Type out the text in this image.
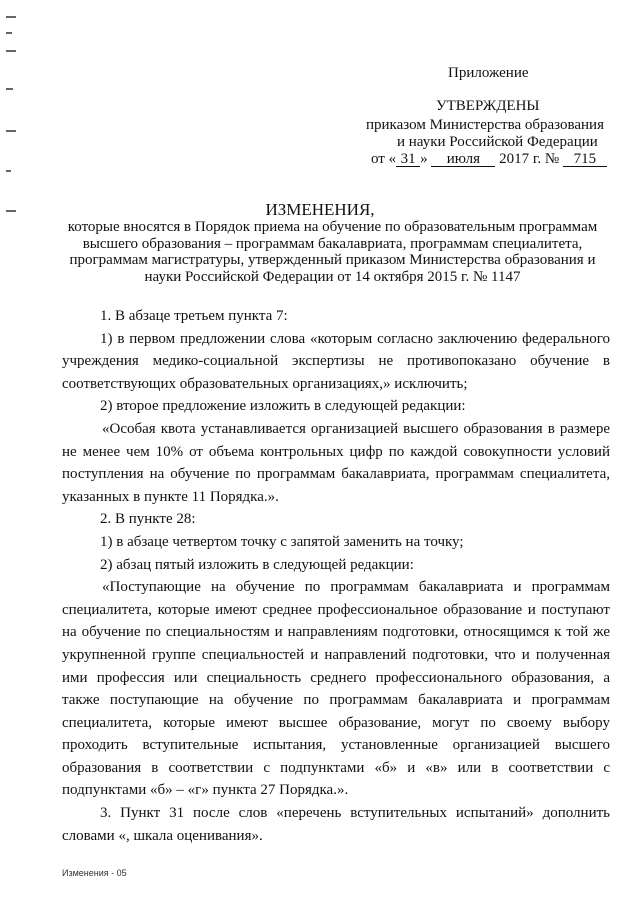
Приложение
УТВЕРЖДЕНЫ
приказом Министерства образования
и науки Российской Федерации
от « 31 » июля 2017 г. № 715
ИЗМЕНЕНИЯ,
которые вносятся в Порядок приема на обучение по образовательным программам высшего образования – программам бакалавриата, программам специалитета, программам магистратуры, утвержденный приказом Министерства образования и науки Российской Федерации от 14 октября 2015 г. № 1147

1. В абзаце третьем пункта 7:

1) в первом предложении слова «которым согласно заключению федерального учреждения медико-социальной экспертизы не противопоказано обучение в соответствующих образовательных организациях,» исключить;

2) второе предложение изложить в следующей редакции:

«Особая квота устанавливается организацией высшего образования в размере не менее чем 10% от объема контрольных цифр по каждой совокупности условий поступления на обучение по программам бакалавриата, программам специалитета, указанных в пункте 11 Порядка.».

2. В пункте 28:

1) в абзаце четвертом точку с запятой заменить на точку;

2) абзац пятый изложить в следующей редакции:

«Поступающие на обучение по программам бакалавриата и программам специалитета, которые имеют среднее профессиональное образование и поступают на обучение по специальностям и направлениям подготовки, относящимся к той же укрупненной группе специальностей и направлений подготовки, что и полученная ими профессия или специальность среднего профессионального образования, а также поступающие на обучение по программам бакалавриата и программам специалитета, которые имеют высшее образование, могут по своему выбору проходить вступительные испытания, установленные организацией высшего образования в соответствии с подпунктами «б» и «в» или в соответствии с подпунктами «б» – «г» пункта 27 Порядка.».

3. Пункт 31 после слов «перечень вступительных испытаний» дополнить словами «, шкала оценивания».

Изменения - 05
